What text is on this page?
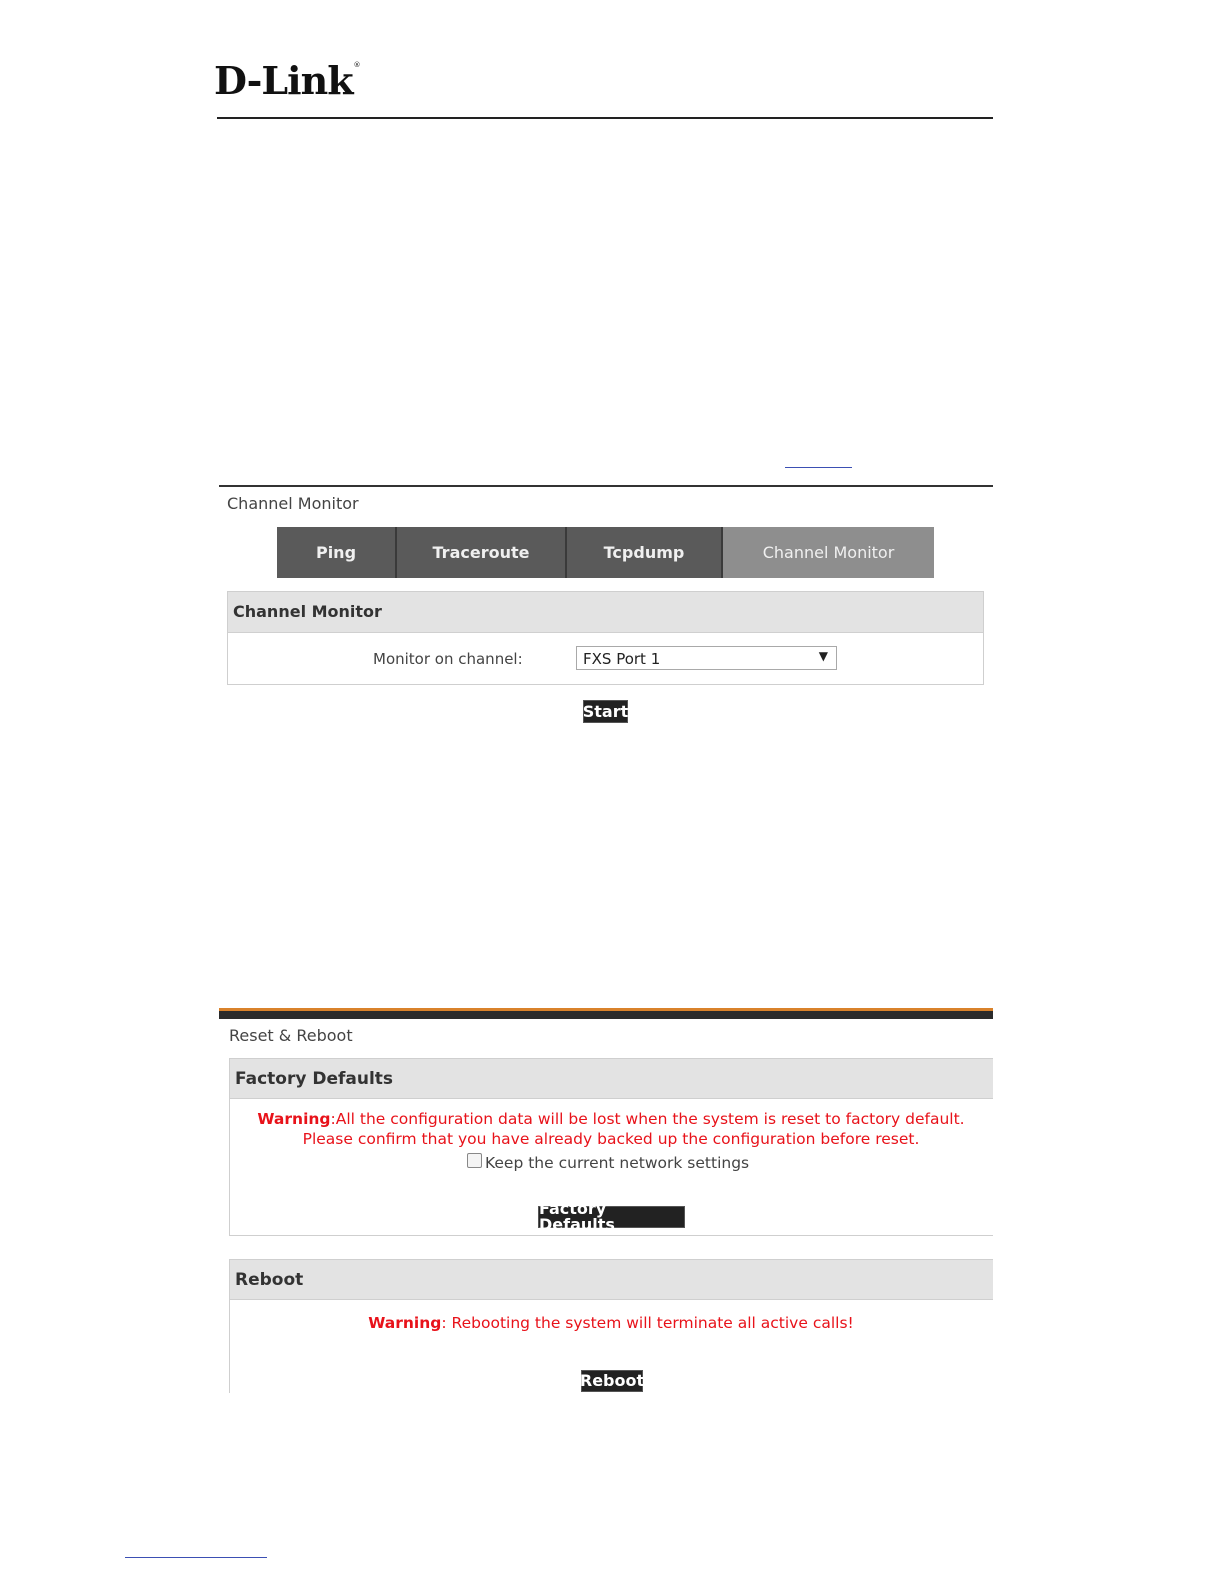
D-Link®
Channel Monitor
Ping	Traceroute	Tcpdump	Channel Monitor
Channel Monitor
Monitor on channel:	FXS Port 1	▼
Start
Reset & Reboot
Factory Defaults
Warning:All the configuration data will be lost when the system is reset to factory default.
Please confirm that you have already backed up the configuration before reset.
Keep the current network settings
Factory Defaults
Reboot
Warning: Rebooting the system will terminate all active calls!
Reboot
